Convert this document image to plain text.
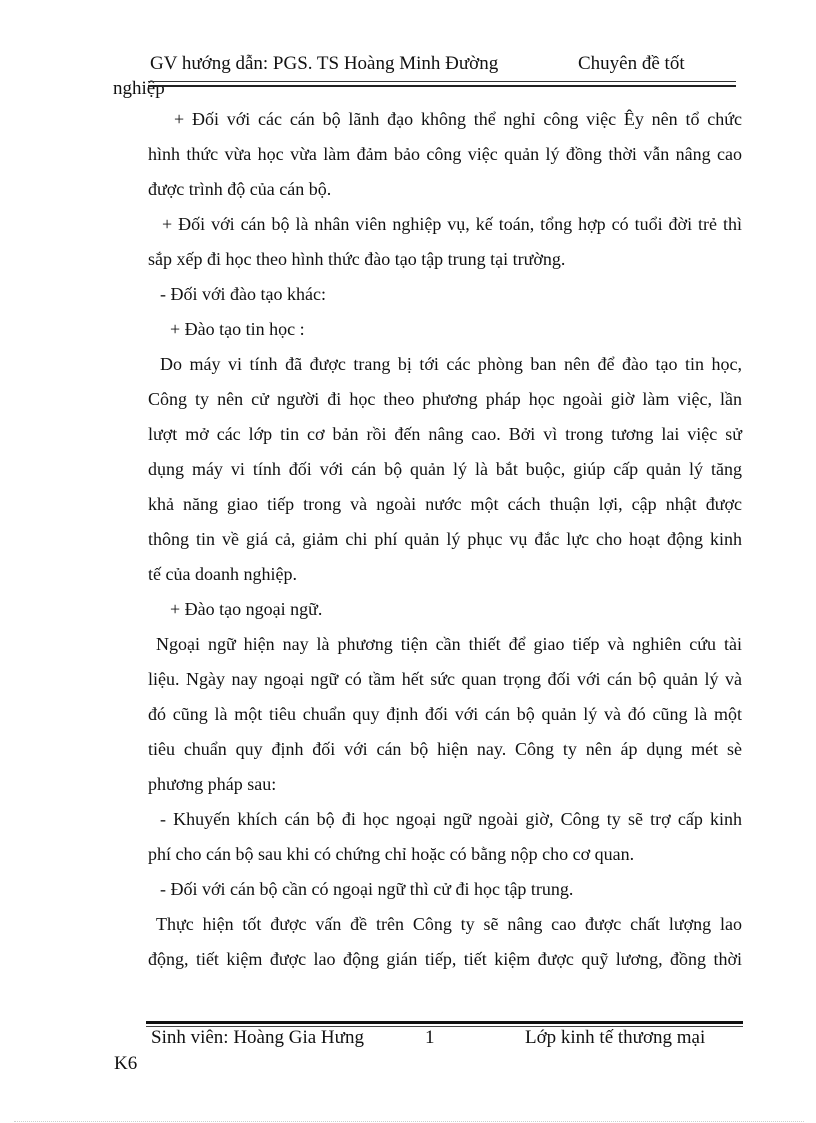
GV hướng dẫn: PGS. TS Hoàng Minh Đường	Chuyên đề tốt
nghiệp
+ Đối với các cán bộ lãnh đạo không thể nghỉ công việc Êy nên tổ chức
hình thức vừa học vừa làm đảm bảo công việc quản lý đồng thời vẫn nâng cao
được trình độ của cán bộ.
+ Đối với cán bộ là nhân viên nghiệp vụ, kế toán, tổng hợp có tuổi đời trẻ thì
sắp xếp đi học theo hình thức đào tạo tập trung tại trường.
- Đối với đào tạo khác:
+ Đào tạo tin học :
Do máy vi tính đã được trang bị tới các phòng ban nên để đào tạo tin học,
Công ty nên cử người đi học theo phương pháp học ngoài giờ làm việc, lần
lượt mở các lớp tin cơ bản rồi đến nâng cao. Bởi vì trong tương lai việc sử
dụng máy vi tính đối với cán bộ quản lý là bắt buộc, giúp cấp quản lý tăng
khả năng giao tiếp trong và ngoài nước một cách thuận lợi, cập nhật được
thông tin về giá cả, giảm chi phí quản lý phục vụ đắc lực cho hoạt động kinh
tế của doanh nghiệp.
+ Đào tạo ngoại ngữ.
Ngoại ngữ hiện nay là phương tiện cần thiết để giao tiếp và nghiên cứu tài
liệu. Ngày nay ngoại ngữ có tầm hết sức quan trọng đối với cán bộ quản lý và
đó cũng là một tiêu chuẩn quy định đối với cán bộ quản lý và đó cũng là một
tiêu chuẩn quy định đối với cán bộ hiện nay. Công ty nên áp dụng mét sè
phương pháp sau:
- Khuyến khích cán bộ đi học ngoại ngữ ngoài giờ, Công ty sẽ trợ cấp kinh
phí cho cán bộ sau khi có chứng chỉ hoặc có bằng nộp cho cơ quan.
- Đối với cán bộ cần có ngoại ngữ thì cử đi học tập trung.
Thực hiện tốt được vấn đề trên Công ty sẽ nâng cao được chất lượng lao
động, tiết kiệm được lao động gián tiếp, tiết kiệm được quỹ lương, đồng thời
Sinh viên: Hoàng Gia Hưng	1	Lớp kinh tế thương mại
K6
